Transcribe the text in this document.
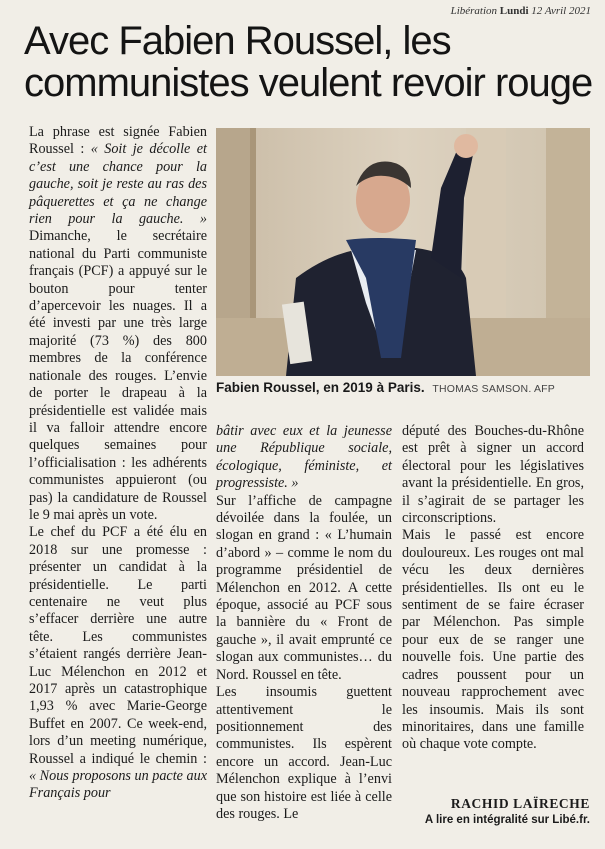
Libération Lundi 12 Avril 2021
Avec Fabien Roussel, les communistes veulent revoir rouge

La phrase est signée Fabien Roussel : « Soit je décolle et c’est une chance pour la gauche, soit je reste au ras des pâquerettes et ça ne change rien pour la gauche. » Dimanche, le secrétaire national du Parti communiste français (PCF) a appuyé sur le bouton pour tenter d’apercevoir les nuages. Il a été investi par une très large majorité (73 %) des 800 membres de la conférence nationale des rouges. L’envie de porter le drapeau à la présidentielle est validée mais il va falloir attendre encore quelques semaines pour l’officialisation : les adhérents communistes appuieront (ou pas) la candidature de Roussel le 9 mai après un vote.

Le chef du PCF a été élu en 2018 sur une promesse : présenter un candidat à la présidentielle. Le parti centenaire ne veut plus s’effacer derrière une autre tête. Les communistes s’étaient rangés derrière Jean-Luc Mélenchon en 2012 et 2017 après un catastrophique 1,93 % avec Marie-George Buffet en 2007. Ce week-end, lors d’un meeting numérique, Roussel a indiqué le chemin : « Nous proposons un pacte aux Français pour

Fabien Roussel, en 2019 à Paris. THOMAS SAMSON. AFP

bâtir avec eux et la jeunesse une République sociale, écologique, féministe, et progressiste. »

Sur l’affiche de campagne dévoilée dans la foulée, un slogan en grand : « L’humain d’abord » – comme le nom du programme présidentiel de Mélenchon en 2012. A cette époque, associé au PCF sous la bannière du « Front de gauche », il avait emprunté ce slogan aux communistes… du Nord. Roussel en tête.

Les insoumis guettent attentivement le positionnement des communistes. Ils espèrent encore un accord. Jean-Luc Mélenchon explique à l’envi que son histoire est liée à celle des rouges. Le

député des Bouches-du-Rhône est prêt à signer un accord électoral pour les législatives avant la présidentielle. En gros, il s’agirait de se partager les circonscriptions.

Mais le passé est encore douloureux. Les rouges ont mal vécu les deux dernières présidentielles. Ils ont eu le sentiment de se faire écraser par Mélenchon. Pas simple pour eux de se ranger une nouvelle fois. Une partie des cadres poussent pour un nouveau rapprochement avec les insoumis. Mais ils sont minoritaires, dans une famille où chaque vote compte.

RACHID LAÏRECHE
A lire en intégralité sur Libé.fr.
